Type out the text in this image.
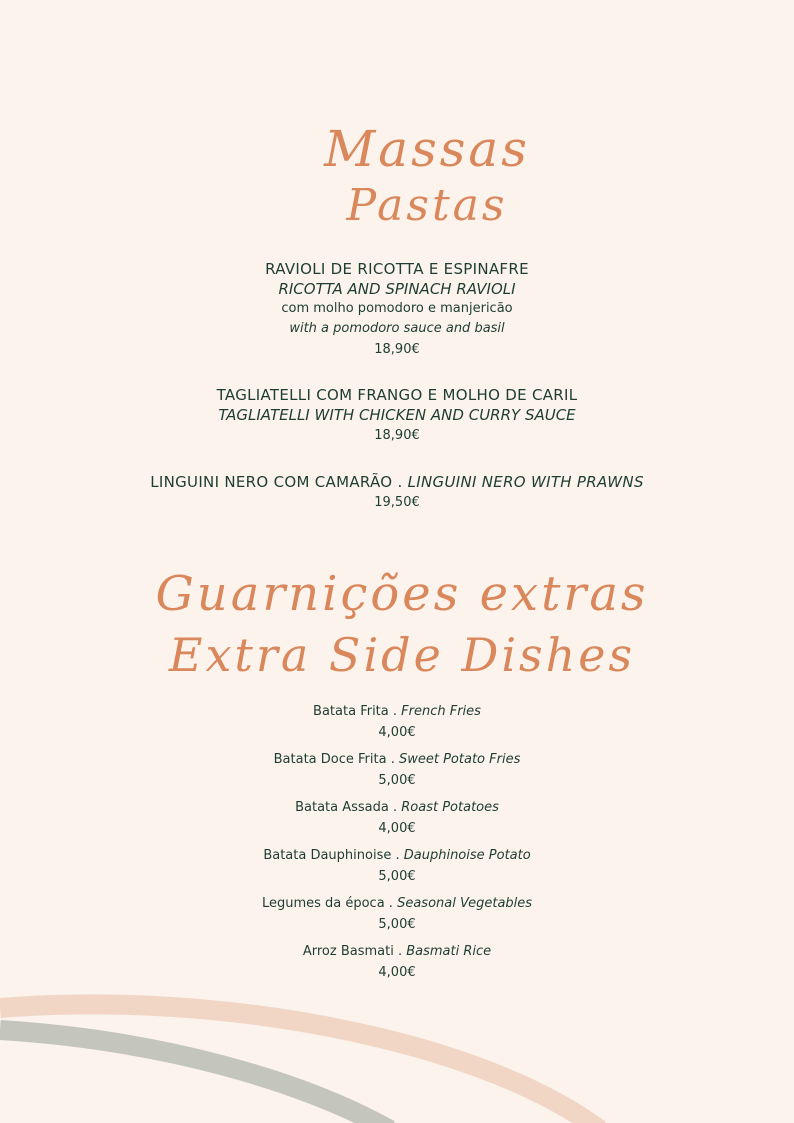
Massas
Pastas
RAVIOLI DE RICOTTA E ESPINAFRE
RICOTTA AND SPINACH RAVIOLI
com molho pomodoro e manjericão
with a pomodoro sauce and basil
18,90€
TAGLIATELLI COM FRANGO E MOLHO DE CARIL
TAGLIATELLI WITH CHICKEN AND CURRY SAUCE
18,90€
LINGUINI NERO COM CAMARÃO . LINGUINI NERO WITH PRAWNS
19,50€
Guarnições extras
Extra Side Dishes
Batata Frita . French Fries
4,00€
Batata Doce Frita . Sweet Potato Fries
5,00€
Batata Assada . Roast Potatoes
4,00€
Batata Dauphinoise . Dauphinoise Potato
5,00€
Legumes da época . Seasonal Vegetables
5,00€
Arroz Basmati . Basmati Rice
4,00€
